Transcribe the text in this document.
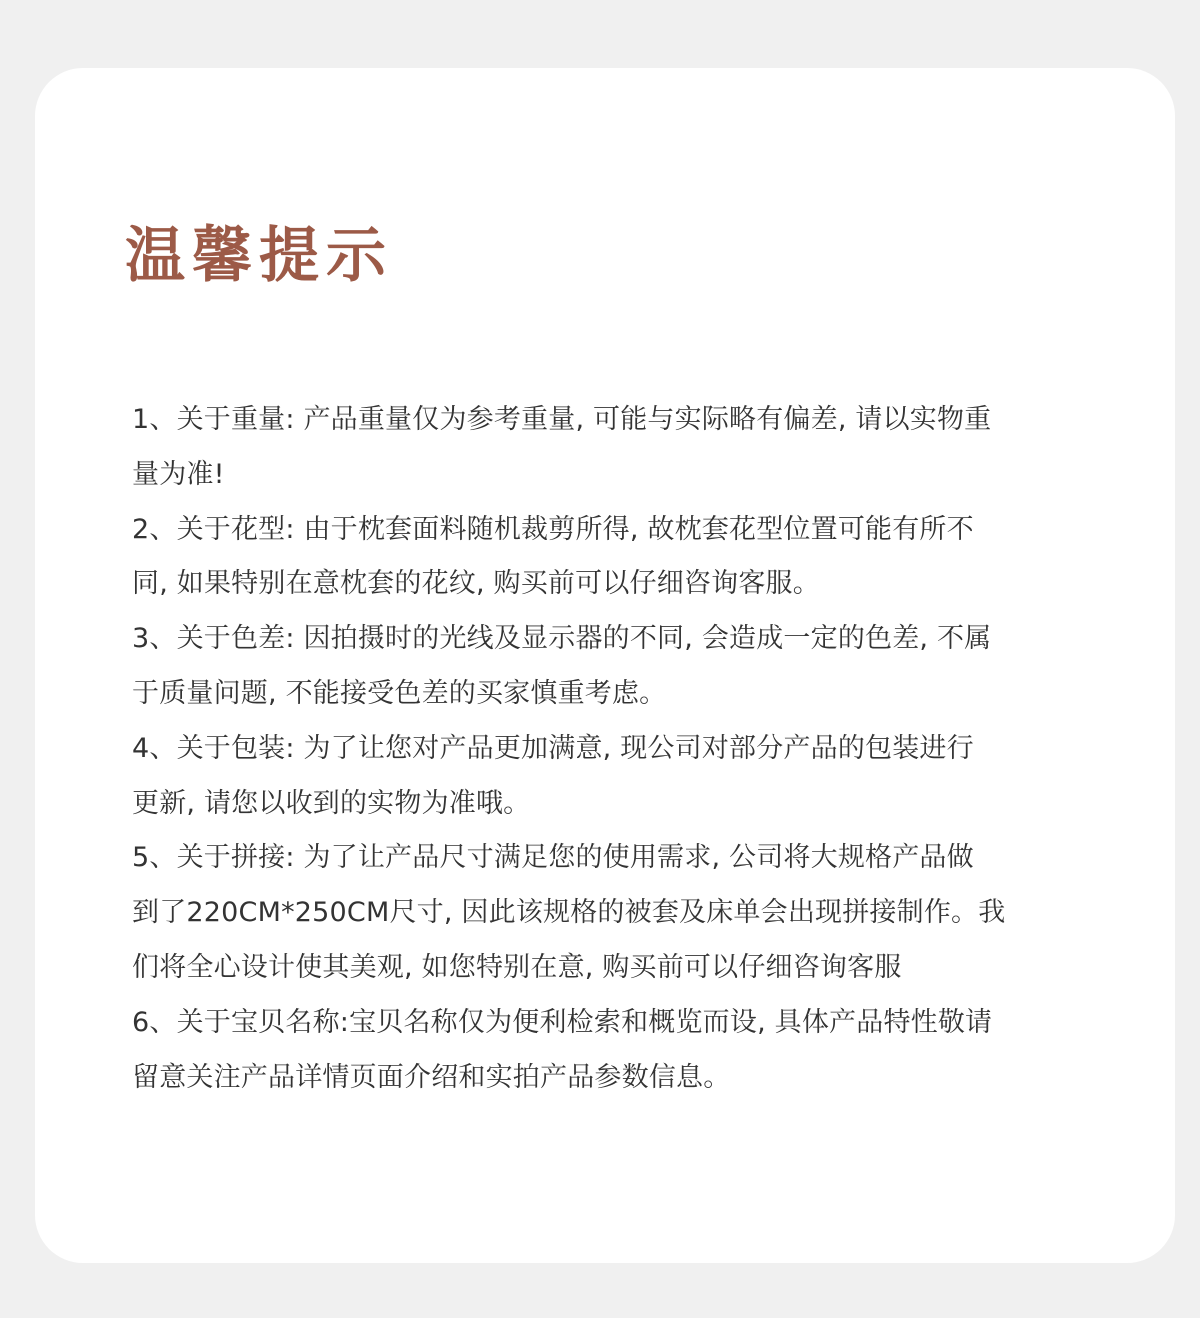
温馨提示
1、关于重量: 产品重量仅为参考重量, 可能与实际略有偏差, 请以实物重
量为准!
2、关于花型: 由于枕套面料随机裁剪所得, 故枕套花型位置可能有所不
同, 如果特别在意枕套的花纹, 购买前可以仔细咨询客服。
3、关于色差: 因拍摄时的光线及显示器的不同, 会造成一定的色差, 不属
于质量问题, 不能接受色差的买家慎重考虑。
4、关于包装: 为了让您对产品更加满意, 现公司对部分产品的包装进行
更新, 请您以收到的实物为准哦。
5、关于拼接: 为了让产品尺寸满足您的使用需求, 公司将大规格产品做
到了220CM*250CM尺寸, 因此该规格的被套及床单会出现拼接制作。我
们将全心设计使其美观, 如您特别在意, 购买前可以仔细咨询客服
6、关于宝贝名称:宝贝名称仅为便利检索和概览而设, 具体产品特性敬请
留意关注产品详情页面介绍和实拍产品参数信息。
